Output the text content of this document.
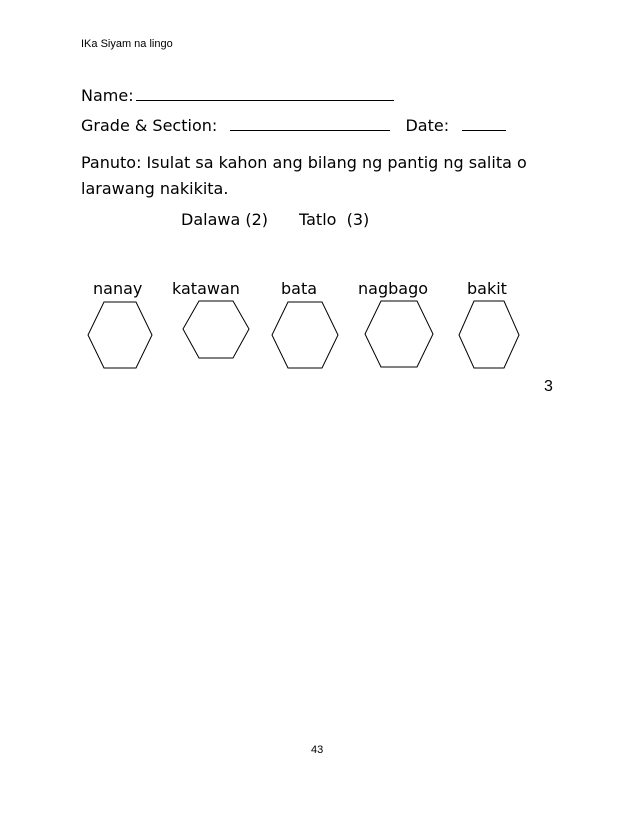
IKa Siyam na lingo
Name:
Grade & Section:	Date:
Panuto: Isulat sa kahon ang bilang ng pantig ng salita o
larawang nakikita.
Dalawa (2) Tatlo  (3)
nanay katawan	bata	nagbago bakit
3
43
